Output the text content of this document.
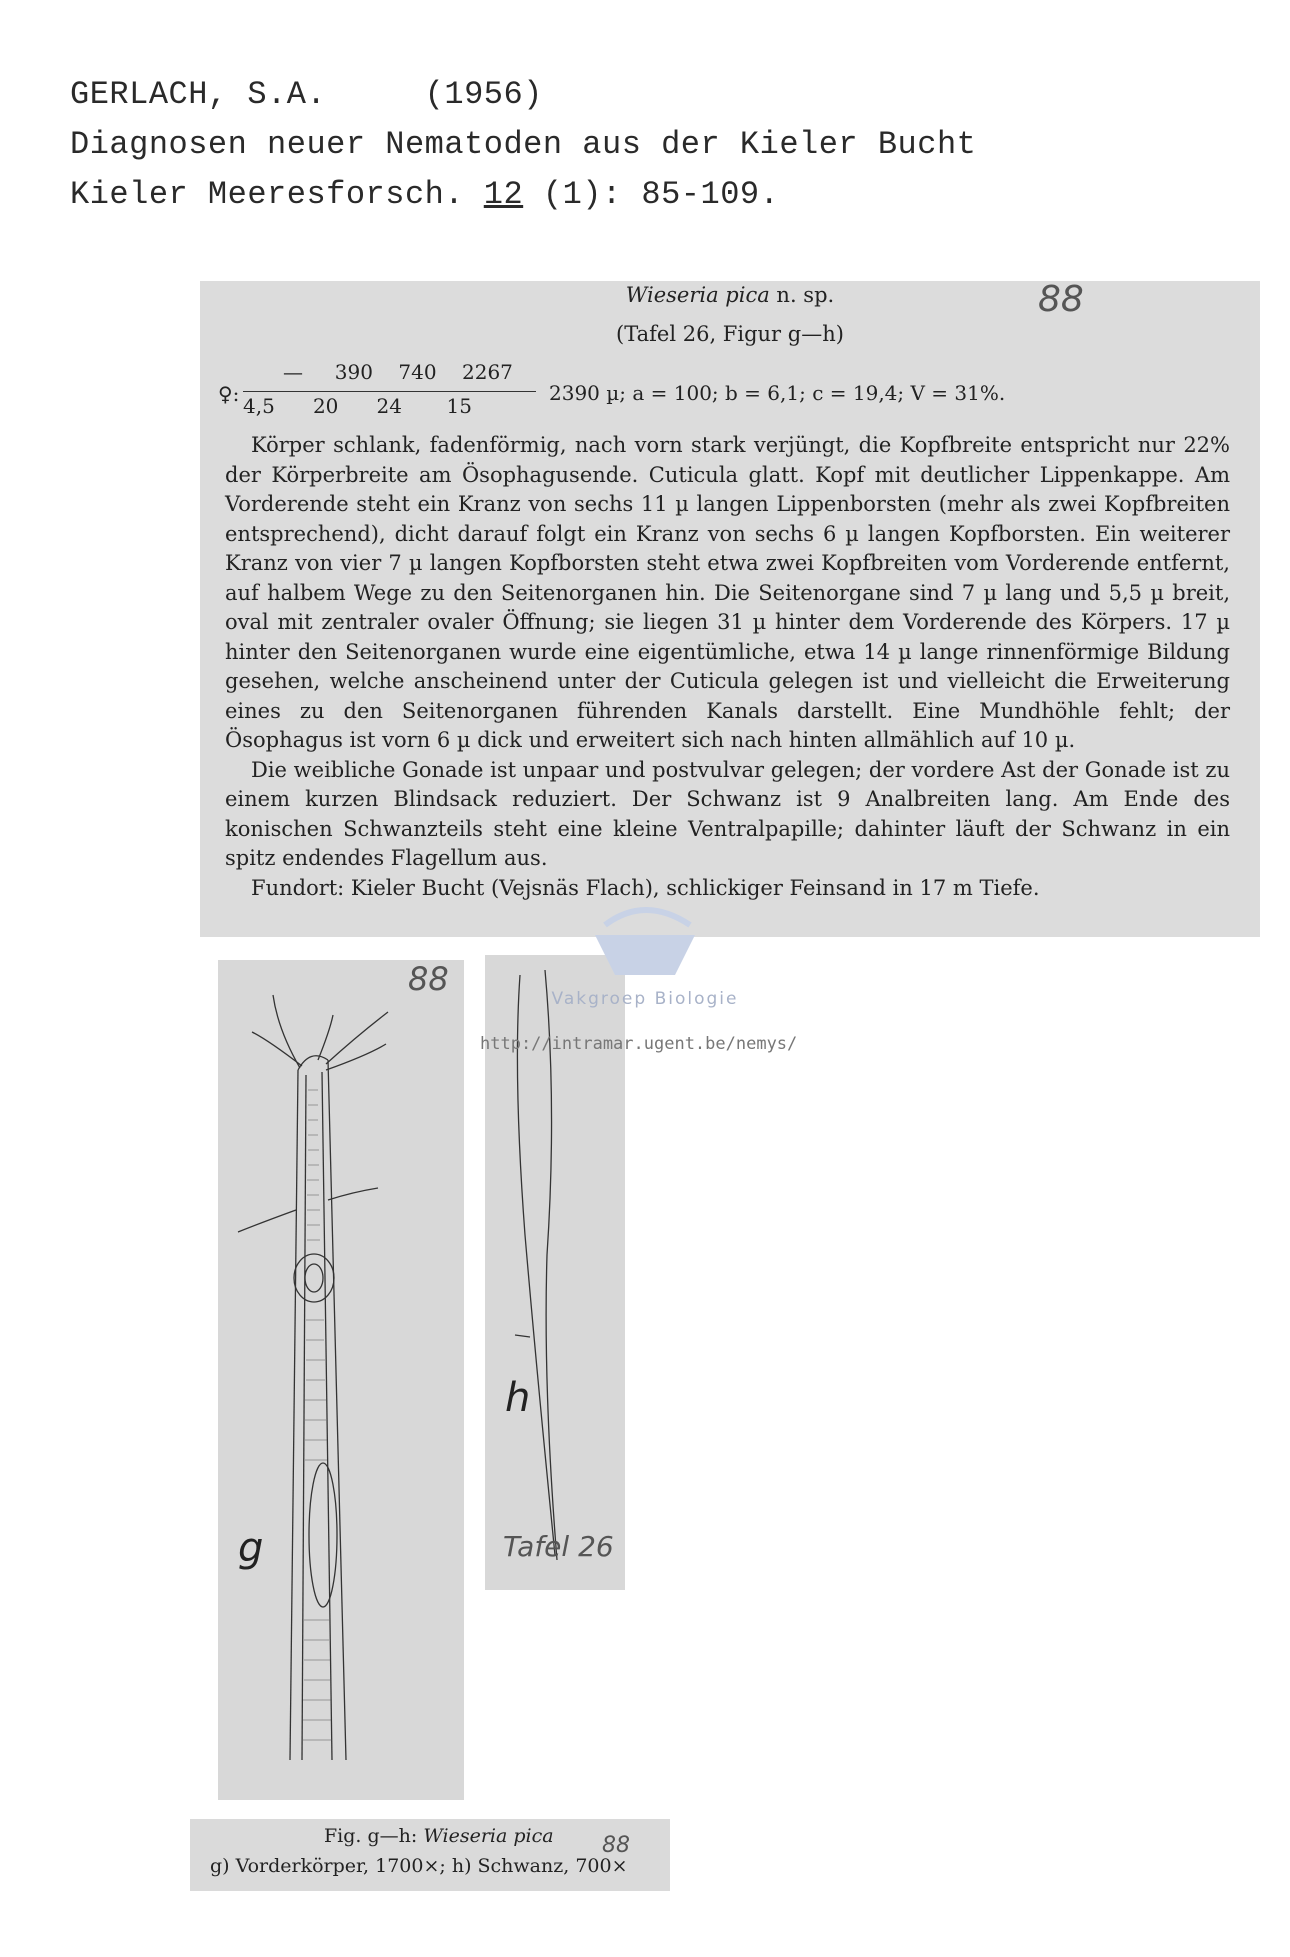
GERLACH, S.A.     (1956)
Diagnosen neuer Nematoden aus der Kieler Bucht
Kieler Meeresforsch. 12 (1): 85-109.
Wieseria pica n. sp.	88
(Tafel 26, Figur g—h)
♀:
—     390    740    2267
4,5      20      24       15
2390 µ; a = 100; b = 6,1; c = 19,4; V = 31%.

Körper schlank, fadenförmig, nach vorn stark verjüngt, die Kopfbreite entspricht nur 22% der Körperbreite am Ösophagusende. Cuticula glatt. Kopf mit deutlicher Lippenkappe. Am Vorderende steht ein Kranz von sechs 11 µ langen Lippenborsten (mehr als zwei Kopfbreiten entsprechend), dicht darauf folgt ein Kranz von sechs 6 µ langen Kopfborsten. Ein weiterer Kranz von vier 7 µ langen Kopfborsten steht etwa zwei Kopfbreiten vom Vorderende entfernt, auf halbem Wege zu den Seitenorganen hin. Die Seitenorgane sind 7 µ lang und 5,5 µ breit, oval mit zentraler ovaler Öffnung; sie liegen 31 µ hinter dem Vorderende des Körpers. 17 µ hinter den Seitenorganen wurde eine eigentümliche, etwa 14 µ lange rinnenförmige Bildung gesehen, welche anscheinend unter der Cuticula gelegen ist und vielleicht die Erweiterung eines zu den Seitenorganen führenden Kanals darstellt. Eine Mundhöhle fehlt; der Ösophagus ist vorn 6 µ dick und erweitert sich nach hinten allmählich auf 10 µ.

Die weibliche Gonade ist unpaar und postvulvar gelegen; der vordere Ast der Gonade ist zu einem kurzen Blindsack reduziert. Der Schwanz ist 9 Analbreiten lang. Am Ende des konischen Schwanzteils steht eine kleine Ventralpapille; dahinter läuft der Schwanz in ein spitz endendes Flagellum aus.

Fundort: Kieler Bucht (Vejsnäs Flach), schlickiger Feinsand in 17 m Tiefe.

88
g
h
Tafel 26
Vakgroep Biologie
http://intramar.ugent.be/nemys/
Fig. g—h: Wieseria pica 88
g) Vorderkörper, 1700×; h) Schwanz, 700×
